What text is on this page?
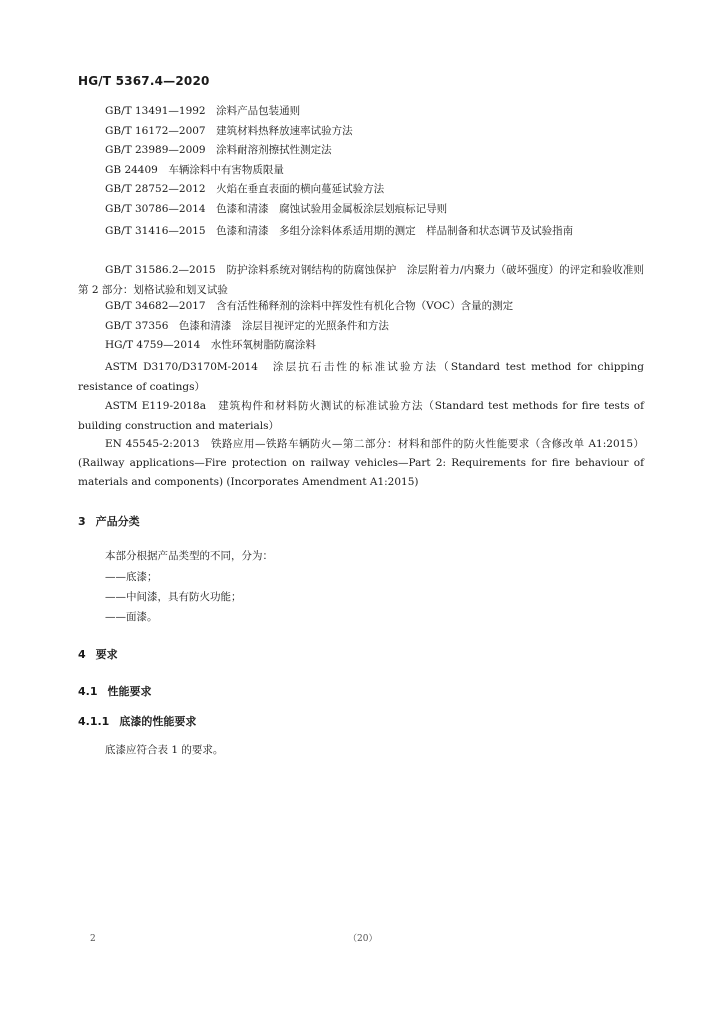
HG/T 5367.4—2020
GB/T 13491—1992　涂料产品包装通则
GB/T 16172—2007　建筑材料热释放速率试验方法
GB/T 23989—2009　涂料耐溶剂擦拭性测定法
GB 24409　车辆涂料中有害物质限量
GB/T 28752—2012　火焰在垂直表面的横向蔓延试验方法
GB/T 30786—2014　色漆和清漆　腐蚀试验用金属板涂层划痕标记导则
GB/T 31416—2015　色漆和清漆　多组分涂料体系适用期的测定　样品制备和状态调节及试验指南
GB/T 31586.2—2015　防护涂料系统对钢结构的防腐蚀保护　涂层附着力/内聚力（破坏强度）的评定和验收准则　第 2 部分：划格试验和划叉试验
GB/T 34682—2017　含有活性稀释剂的涂料中挥发性有机化合物（VOC）含量的测定
GB/T 37356　色漆和清漆　涂层目视评定的光照条件和方法
HG/T 4759—2014　水性环氧树脂防腐涂料
ASTM D3170/D3170M-2014　涂层抗石击性的标准试验方法（Standard test method for chipping resistance of coatings）
ASTM E119-2018a　建筑构件和材料防火测试的标准试验方法（Standard test methods for fire tests of building construction and materials）
EN 45545-2:2013　铁路应用—铁路车辆防火—第二部分：材料和部件的防火性能要求（含修改单 A1:2015）(Railway applications—Fire protection on railway vehicles—Part 2: Requirements for fire behaviour of materials and components) (Incorporates Amendment A1:2015)
3 产品分类
本部分根据产品类型的不同，分为：
——底漆；
——中间漆，具有防火功能；
——面漆。
4 要求
4.1 性能要求
4.1.1 底漆的性能要求
底漆应符合表 1 的要求。
2	（20）
